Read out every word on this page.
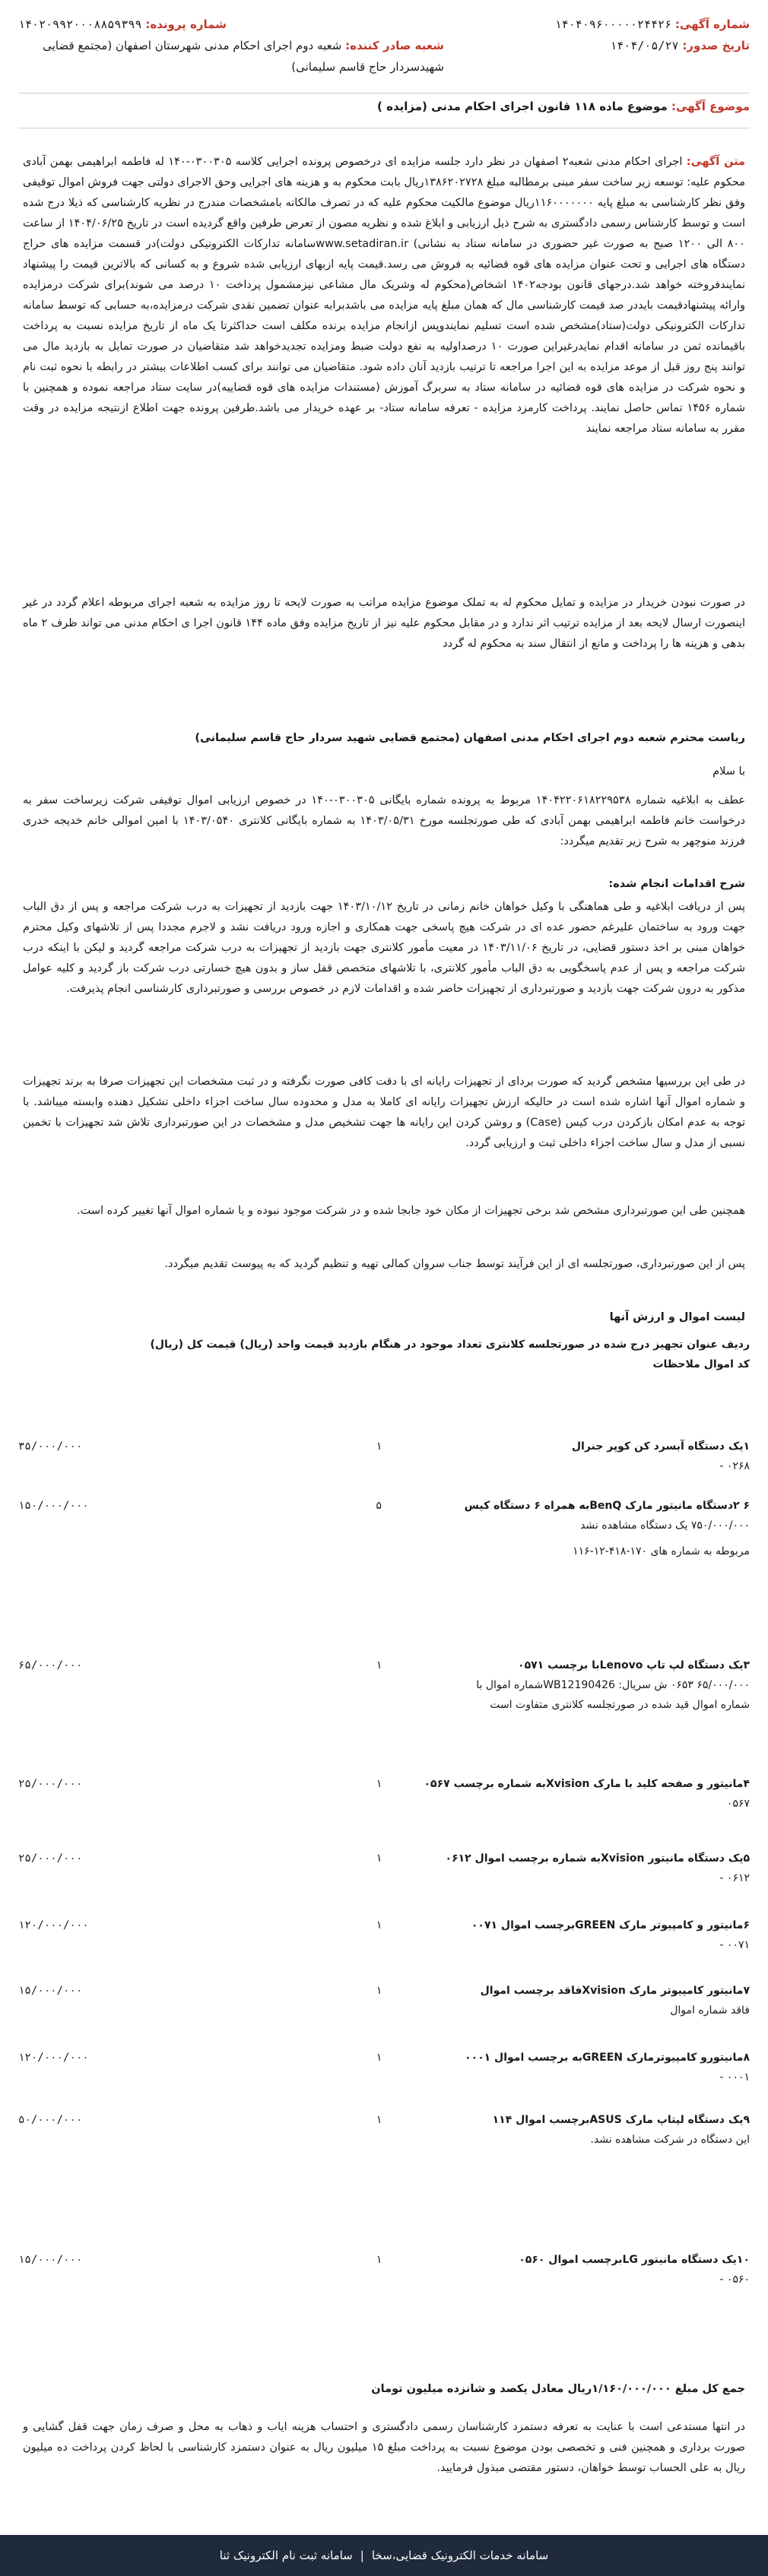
شماره آگهی: ۱۴۰۴۰۹۶۰۰۰۰۰۲۴۴۲۶
شماره پرونده: ۱۴۰۲۰۹۹۲۰۰۰۸۸۵۹۳۹۹
تاریخ صدور: ۱۴۰۴/۰۵/۲۷
شعبه صادر کننده: شعبه دوم اجرای احکام مدنی شهرستان اصفهان (مجتمع قضایی شهیدسردار حاج قاسم سلیمانی)
موضوع آگهی: موضوع ماده ۱۱۸ قانون اجرای احکام مدنی (مزایده )
متن آگهی: اجرای احکام مدنی شعبه۲ اصفهان در نظر دارد جلسه مزایده ای درخصوص پرونده اجرایی کلاسه ۰۳۰۰۳۰۵-۱۴۰ له فاطمه ابراهیمی بهمن آبادی محکوم علیه: توسعه زیر ساخت سفر مبنی برمطالبه مبلغ ۱۳۸۶۲۰۲۷۲۸ریال بابت محکوم به و هزینه های اجرایی وحق الاجرای دولتی جهت فروش اموال توقیفی وفق نظر کارشناسی به مبلغ پایه ۱۱۶۰۰۰۰۰۰۰ریال موضوع مالکیت محکوم علیه که در تصرف مالکانه بامشخصات مندرج در نظریه کارشناسی که ذیلا درج شده است و توسط کارشناس رسمی دادگستری به شرح ذیل ارزیابی و ابلاغ شده و نظریه مصون از تعرض طرفین واقع گردیده است در تاریخ ۱۴۰۴/۰۶/۲۵ از ساعت ۸۰۰ الی ۱۲۰۰ صبح به صورت غیر حضوری در سامانه ستاد به نشانی) www.setadiran.irسامانه تدارکات الکترونیکی دولت)در قسمت مزایده های حراج دستگاه های اجرایی و تحت عنوان مزایده های قوه قضائیه به فروش می رسد.قیمت پایه ازبهای ارزیابی شده شروع و به کسانی که بالاترین قیمت را پیشنهاد نمایندفروخته خواهد شد.درجهای قانون بودجه۱۴۰۲ اشخاص(محکوم له وشریک مال مشاعی نیزمشمول پرداخت ۱۰ درصد می شوند)برای شرکت درمزایده وارائه پیشنهادقیمت بایددر صد قیمت کارشناسی مال که همان مبلغ پایه مزایده می باشدبرابه عنوان تضمین نقدی شرکت درمزایده،به حسابی که توسط سامانه تدارکات الکترونیکی دولت(ستاد)مشخص شده است تسلیم نمایندوپس ازانجام مزایده برنده مکلف است حداکثرتا یک ماه از تاریخ مزایده نسبت به پرداخت باقیمانده ثمن در سامانه اقدام نمایدرغیراین صورت ۱۰ درصداولیه به نفع دولت ضبط ومزایده تجدیدخواهد شد متقاضیان در صورت تمایل به بازدید مال می توانند پنج روز قبل از موعد مزایده به این اجرا مراجعه تا ترتیب بازدید آنان داده شود. متقاضیان می توانند برای کسب اطلاعات بیشتر در رابطه با نحوه ثبت نام و نحوه شرکت در مزایده های قوه قضائیه در سامانه ستاد به سربرگ آموزش (مستندات مزایده های قوه قضاییه)در سایت ستاد مراجعه نموده و همچنین با شماره ۱۴۵۶ تماس حاصل نمایند. پرداخت کارمزد مزایده - تعرفه سامانه ستاد- بر عهده خریدار می باشد.طرفین پرونده جهت اطلاع ازنتیجه مزایده در وقت مقرر به سامانه ستاد مراجعه نمایند
در صورت نبودن خریدار در مزایده و تمایل محکوم له به تملک موضوع مزایده مراتب به صورت لایحه تا روز مزایده به شعبه اجرای مربوطه اعلام گردد در غیر اینصورت ارسال لایحه بعد از مزایده ترتیب اثر ندارد و در مقابل محکوم علیه نیز از تاریخ مزایده وفق ماده ۱۴۴ قانون اجرا ی احکام مدنی می تواند ظرف ۲ ماه بدهی و هزینه ها را پرداخت و مانع از انتقال سند به محکوم له گردد
ریاست محترم شعبه دوم اجرای احکام مدنی اصفهان (مجتمع قضایی شهید سردار حاج قاسم سلیمانی)
با سلام
عطف به ابلاغیه شماره ۱۴۰۴۲۲۰۶۱۸۲۲۹۵۳۸ مربوط به پرونده شماره بایگانی ۰۳۰۰۳۰۵-۱۴۰ در خصوص ارزیابی اموال توقیفی شرکت زیرساخت سفر به درخواست خانم فاطمه ابراهیمی بهمن آبادی که طی صورتجلسه مورخ ۱۴۰۳/۰۵/۳۱ به شماره بایگانی کلانتری ۱۴۰۳/۰۵۴۰ با امین اموالی خانم خدیجه خدری فرزند منوچهر به شرح زیر تقدیم میگردد:
شرح اقدامات انجام شده:
پس از دریافت ابلاغیه و طی هماهنگی با وکیل خواهان خانم زمانی در تاریخ ۱۴۰۳/۱۰/۱۲ جهت بازدید از تجهیزات به درب شرکت مراجعه و پس از دق الباب جهت ورود به ساختمان علیرغم حضور عده ای در شرکت هیچ پاسخی جهت همکاری و اجازه ورود دریافت نشد و لاجرم مجددا پس از تلاشهای وکیل محترم خواهان مبنی بر اخذ دستور قضایی، در تاریخ ۱۴۰۳/۱۱/۰۶ در معیت مأمور کلانتری جهت بازدید از تجهیزات به درب شرکت مراجعه گردید و لیکن با اینکه درب شرکت مراجعه و پس از عدم پاسخگویی به دق الباب مأمور کلانتری، با تلاشهای متخصص قفل ساز و بدون هیچ خسارتی درب شرکت باز گردید و کلیه عوامل مذکور به درون شرکت جهت بازدید و صورتبرداری از تجهیزات حاضر شده و اقدامات لازم در خصوص بررسی و صورتبرداری کارشناسی انجام پذیرفت.
در طی این بررسیها مشخص گردید که صورت بردای از تجهیزات رایانه ای با دقت کافی صورت نگرفته و در ثبت مشخصات این تجهیزات صرفا به برند تجهیزات و شماره اموال آنها اشاره شده است در حالیکه ارزش تجهیزات رایانه ای کاملا به مدل و محدوده سال ساخت اجزاء داخلی تشکیل دهنده وابسته میباشد. با توجه به عدم امکان بازکردن درب کیس (Case) و روشن کردن این رایانه ها جهت تشخیص مدل و مشخصات در این صورتبرداری تلاش شد تجهیزات با تخمین نسبی از مدل و سال ساخت اجزاء داخلی ثبت و ارزیابی گردد.
همچنین طی این صورتبرداری مشخص شد برخی تجهیزات از مکان خود جابجا شده و در شرکت موجود نبوده و یا شماره اموال آنها تغییر کرده است.
پس از این صورتبرداری، صورتجلسه ای از این فرآیند توسط جناب سروان کمالی تهیه و تنظیم گردید که به پیوست تقدیم میگردد.
لیست اموال و ارزش آنها
ردیف عنوان تجهیز درج شده در صورتجلسه کلانتری تعداد موجود در هنگام بازدید قیمت واحد (ریال) قیمت کل (ریال)
کد اموال ملاحظات
۱یک دستگاه آبسرد کن کوپر جنرال
۱
۳۵/۰۰۰/۰۰۰
۰۲۶۸ -
۶ ۲دستگاه مانیتور مارک BenQبه همراه ۶ دستگاه کیس
۵
۱۵۰/۰۰۰/۰۰۰
۷۵۰/۰۰۰/۰۰۰ یک دستگاه مشاهده نشد
مربوطه به شماره های ۱۷۰-۴۱۸-۱۲-۱۱۶
۳یک دستگاه لپ تاپ Lenovoبا برچسب ۰۵۷۱
۱
۶۵/۰۰۰/۰۰۰
۶۵/۰۰۰/۰۰۰ ۰۶۵۳ ش سریال: WB12190426شماره اموال با
شماره اموال قید شده در صورتجلسه کلانتری متفاوت است
۴مانیتور و صفحه کلید با مارک Xvisionبه شماره برچسب ۰۵۶۷
۱
۲۵/۰۰۰/۰۰۰
۰۵۶۷
۵یک دستگاه مانیتور Xvisionبه شماره برچسب اموال ۰۶۱۲
۱
۲۵/۰۰۰/۰۰۰
۰۶۱۲ -
۶مانیتور و کامپیوتر مارک GREENبرچسب اموال ۰۰۷۱
۱
۱۲۰/۰۰۰/۰۰۰
۰۰۷۱ -
۷مانیتور کامپیوتر مارک Xvisionفاقد برچسب اموال
۱
۱۵/۰۰۰/۰۰۰
فاقد شماره اموال
۸مانیتورو کامپیوترمارک GREENبه برچسب اموال ۰۰۰۱
۱
۱۲۰/۰۰۰/۰۰۰
۰۰۰۱ -
۹یک دستگاه لپتاپ مارک ASUSبرچسب اموال ۱۱۴
۱
۵۰/۰۰۰/۰۰۰
این دستگاه در شرکت مشاهده نشد.
۱۰یک دستگاه مانیتور LGبرچسب اموال ۰۵۶۰
۱
۱۵/۰۰۰/۰۰۰
۰۵۶۰ -
جمع کل مبلغ ۱/۱۶۰/۰۰۰/۰۰۰ریال معادل یکصد و شانزده میلیون تومان
در انتها مستدعی است با عنایت به تعرفه دستمزد کارشناسان رسمی دادگستری و احتساب هزینه ایاب و ذهاب به محل و صرف زمان جهت قفل گشایی و صورت برداری و همچنین فنی و تخصصی بودن موضوع نسبت به پرداخت مبلغ ۱۵ میلیون ریال به عنوان دستمزد کارشناسی با لحاظ کردن پرداخت ده میلیون ریال به علی الحساب توسط خواهان، دستور مقتضی مبذول فرمایید.
سامانه خدمات الکترونیک قضایی،سخا
|
سامانه ثبت نام الکترونیک ثنا
